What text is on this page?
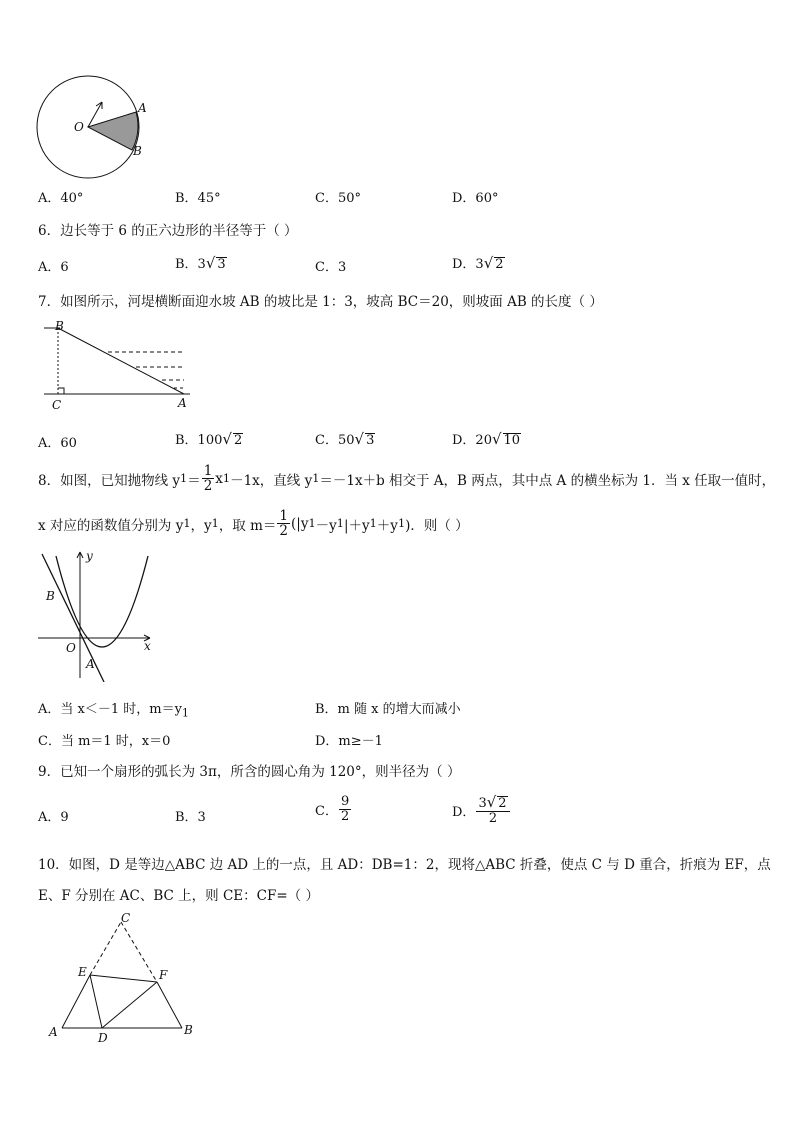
O
A
B
A．40°	B．45°	C．50°	D．60°
6．边长等于 6 的正六边形的半径等于（ ）
A．6	B．3√ 3	C．3	D．3√ 2
7．如图所示，河堤横断面迎水坡 AB 的坡比是 1：3，坡高 BC＝20，则坡面 AB 的长度（ ）
B
C	A
A．60	B．100√ 2	C．50√ 3	D．20√ 10
8．如图，已知抛物线 y $1 = \frac{1}{2}$ x 1 －1x，直线 y 1 ＝－1x＋b 相交于 A，B 两点，其中点 A 的横坐标为 1．当 x 任取一值时，
x 对应的函数值分别为 y 1 ，y 1 ，取 $m= \frac{1}{2} (|y$ 1 －y 1 |＋y 1 ＋y 1 )．则（ ）
y
x
O
A
B
A．当 x＜－1 时，$m=y_1$	B．m 随 x 的增大而减小
C．当 m＝1 时，x＝0	D．m≥－1
9．已知一个扇形的弧长为 3π，所含的圆心角为 120°，则半径为（ ）
A．9	B．3	C． $\frac{9}{2}$	D． $\frac{3√ 2}{2}$
10．如图，D 是等边△ABC 边 AD 上的一点，且 AD：DB=1：2，现将△ABC 折叠，使点 C 与 D 重合，折痕为 EF，点
E、F 分别在 AC、BC 上，则 CE：CF=（ ）
C
E	F
A	D
B
